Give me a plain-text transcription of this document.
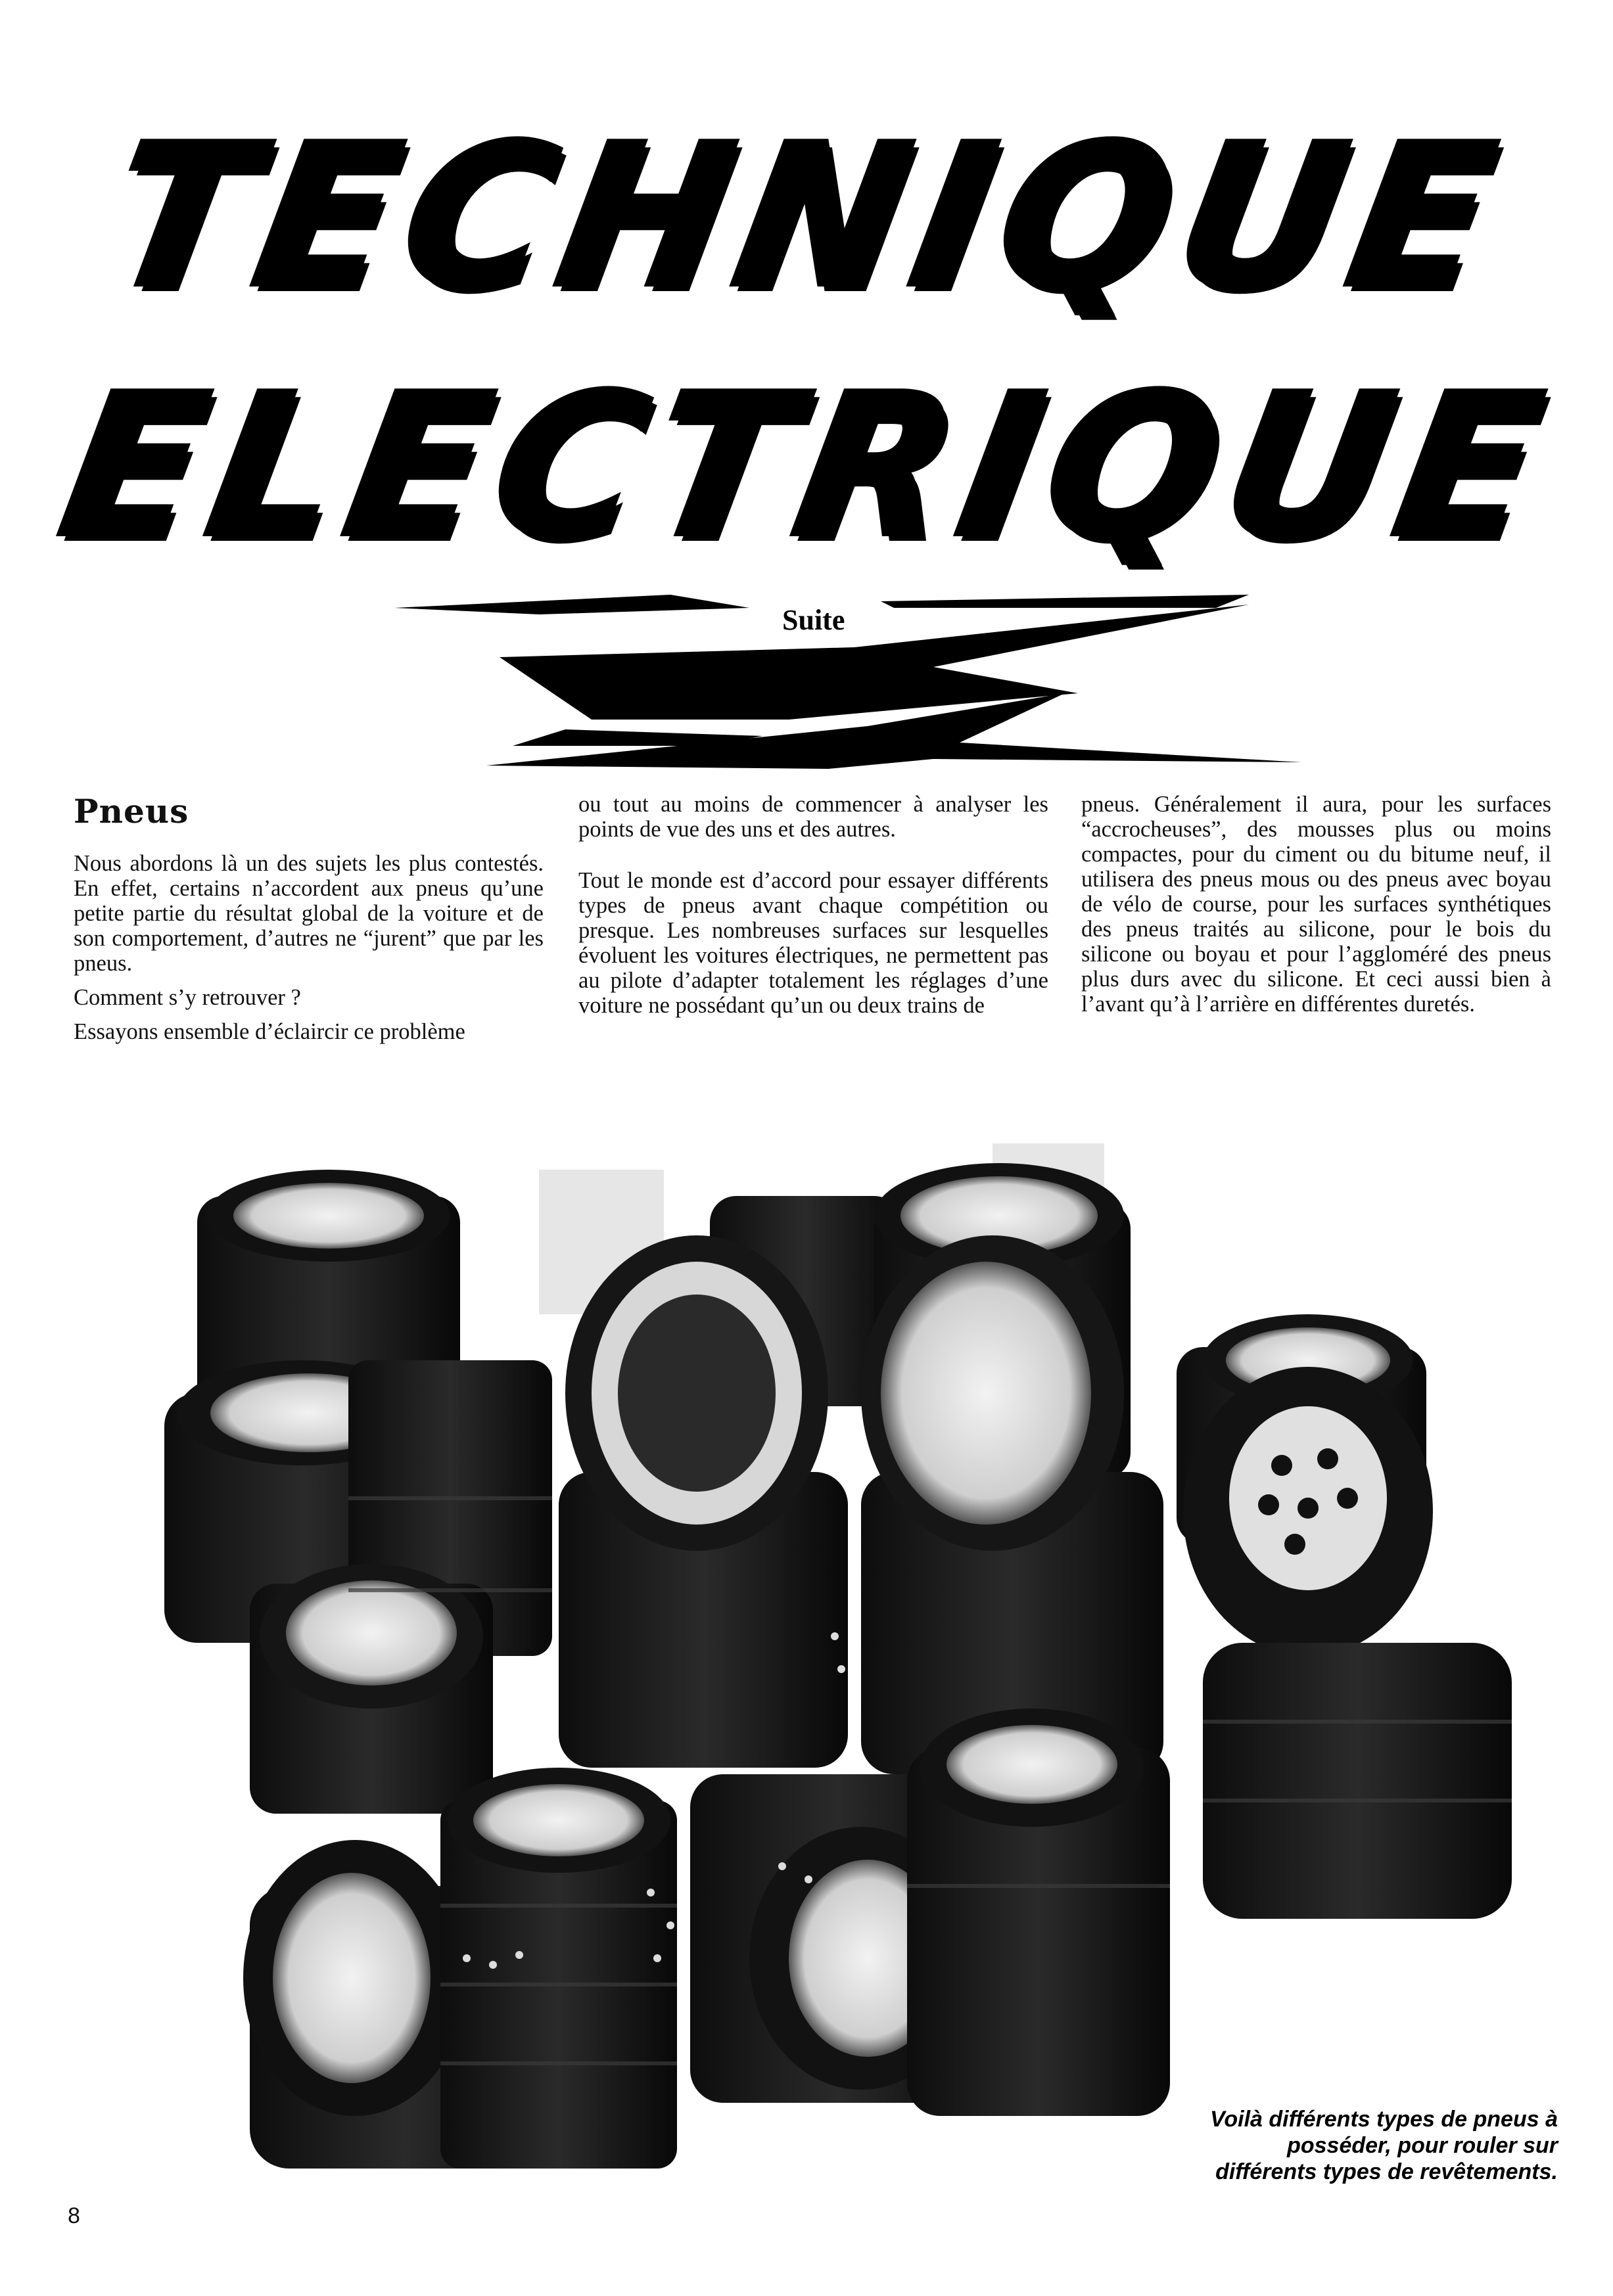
TECHNIQUE
ELECTRIQUE
Suite
Pneus

Nous abordons là un des sujets les plus contestés. En effet, certains n’accordent aux pneus qu’une petite partie du résultat global de la voiture et de son comportement, d’autres ne “jurent” que par les pneus.

Comment s’y retrouver ?

Essayons ensemble d’éclaircir ce problème

ou tout au moins de commencer à analyser les points de vue des uns et des autres.

Tout le monde est d’accord pour essayer différents types de pneus avant chaque compétition ou presque. Les nombreuses surfaces sur lesquelles évoluent les voitures électriques, ne permettent pas au pilote d’adapter totalement les réglages d’une voiture ne possédant qu’un ou deux trains de

pneus. Généralement il aura, pour les surfaces “accrocheuses”, des mousses plus ou moins compactes, pour du ciment ou du bitume neuf, il utilisera des pneus mous ou des pneus avec boyau de vélo de course, pour les surfaces synthétiques des pneus traités au silicone, pour le bois du silicone ou boyau et pour l’aggloméré des pneus plus durs avec du silicone. Et ceci aussi bien à l’avant qu’à l’arrière en différentes duretés.

Voilà différents types de pneus à posséder, pour rouler sur différents types de revêtements.
8
